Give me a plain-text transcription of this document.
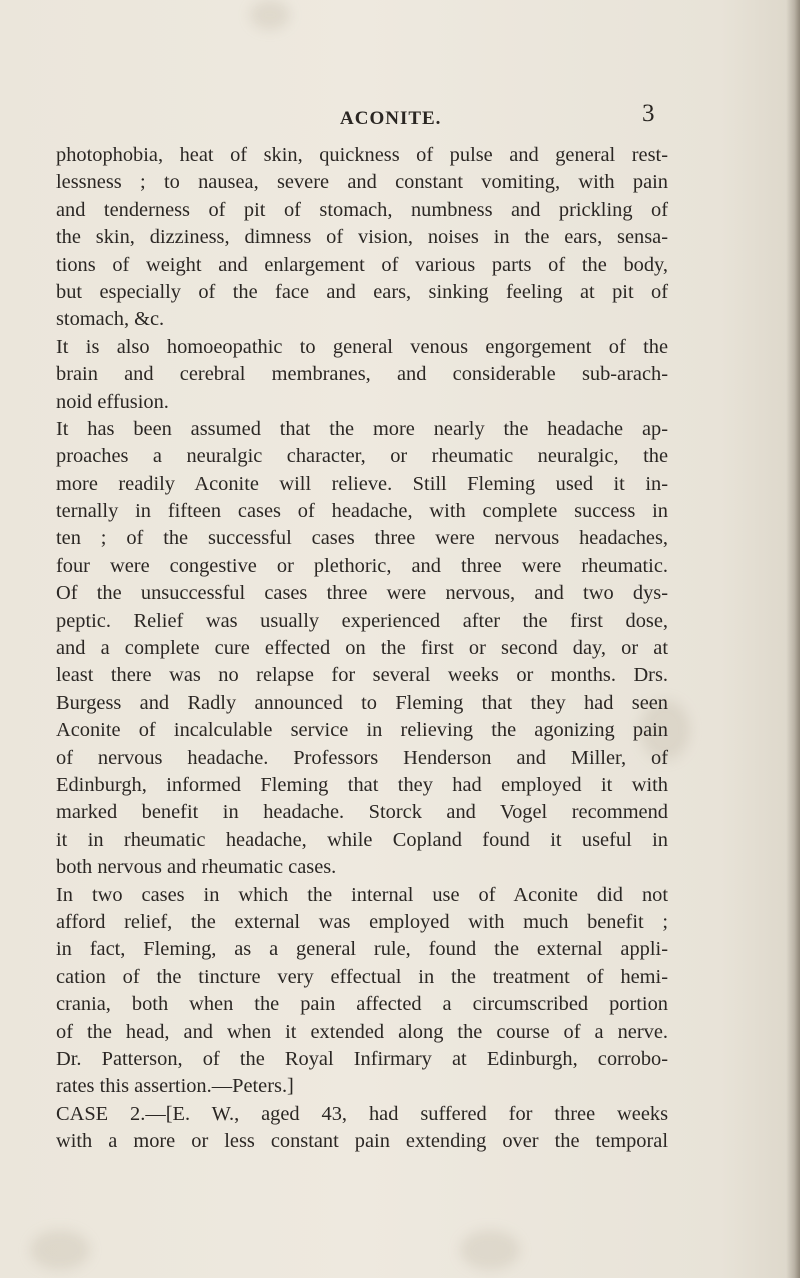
ACONITE.	3
photophobia, heat of skin, quickness of pulse and general rest-
lessness ; to nausea, severe and constant vomiting, with pain
and tenderness of pit of stomach, numbness and prickling of
the skin, dizziness, dimness of vision, noises in the ears, sensa-
tions of weight and enlargement of various parts of the body,
but especially of the face and ears, sinking feeling at pit of
stomach, &c.
It is also homoeopathic to general venous engorgement of the
brain and cerebral membranes, and considerable sub-arach-
noid effusion.
It has been assumed that the more nearly the headache ap-
proaches a neuralgic character, or rheumatic neuralgic, the
more readily Aconite will relieve. Still Fleming used it in-
ternally in fifteen cases of headache, with complete success in
ten ; of the successful cases three were nervous headaches,
four were congestive or plethoric, and three were rheumatic.
Of the unsuccessful cases three were nervous, and two dys-
peptic. Relief was usually experienced after the first dose,
and a complete cure effected on the first or second day, or at
least there was no relapse for several weeks or months. Drs.
Burgess and Radly announced to Fleming that they had seen
Aconite of incalculable service in relieving the agonizing pain
of nervous headache. Professors Henderson and Miller, of
Edinburgh, informed Fleming that they had employed it with
marked benefit in headache. Storck and Vogel recommend
it in rheumatic headache, while Copland found it useful in
both nervous and rheumatic cases.
In two cases in which the internal use of Aconite did not
afford relief, the external was employed with much benefit ;
in fact, Fleming, as a general rule, found the external appli-
cation of the tincture very effectual in the treatment of hemi-
crania, both when the pain affected a circumscribed portion
of the head, and when it extended along the course of a nerve.
Dr. Patterson, of the Royal Infirmary at Edinburgh, corrobo-
rates this assertion.—Peters.]
CASE 2.—[E. W., aged 43, had suffered for three weeks
with a more or less constant pain extending over the temporal
